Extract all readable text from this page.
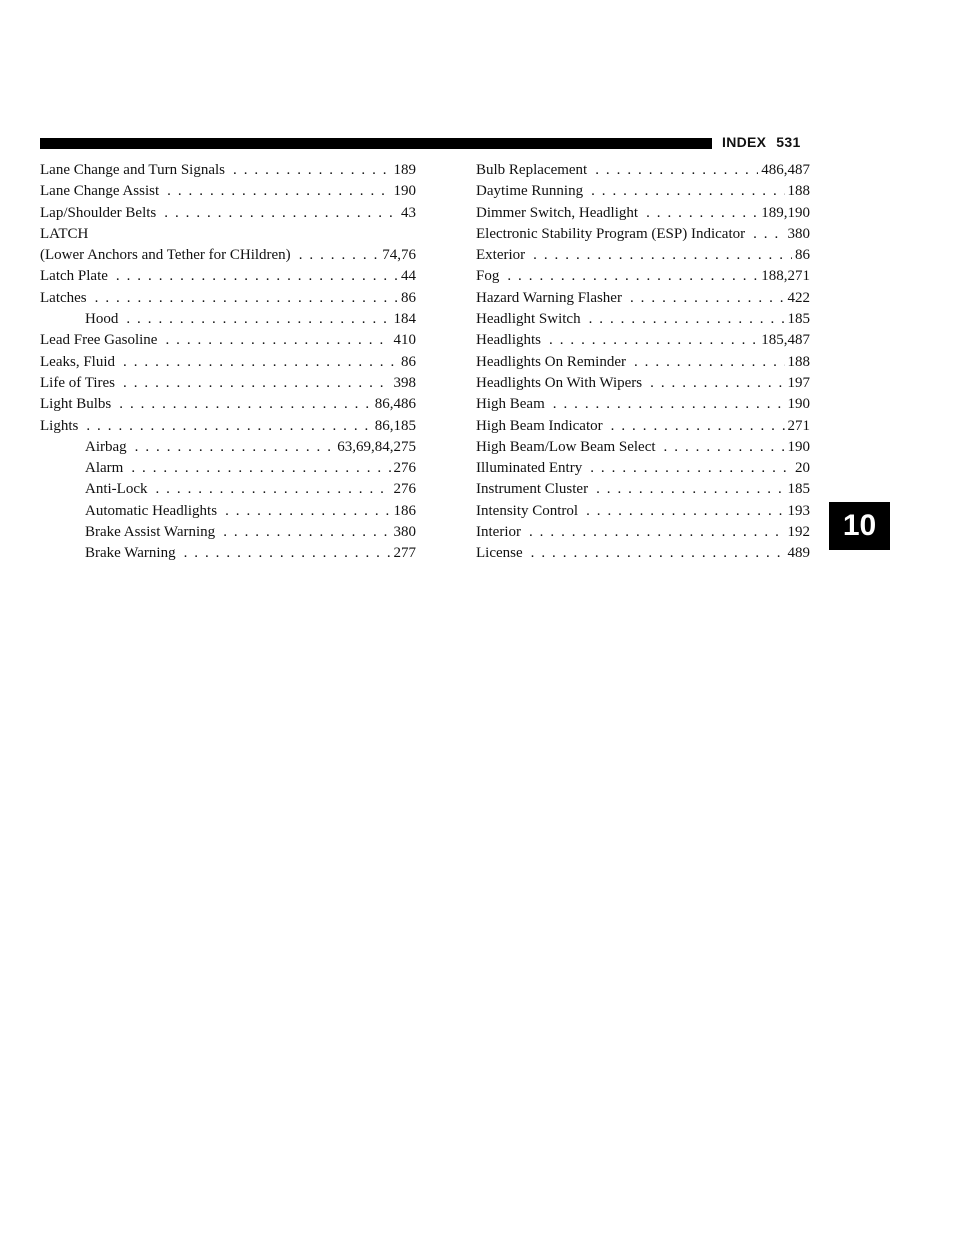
INDEX 531
Lane Change and Turn Signals . . .	189
Lane Change Assist . . .	190
Lap/Shoulder Belts . . .	43
LATCH
(Lower Anchors and Tether for CHildren) . . .	74,76
Latch Plate . . .	44
Latches . . .	86
Hood . . .	184
Lead Free Gasoline . . .	410
Leaks, Fluid . . .	86
Life of Tires . . .	398
Light Bulbs . . .	86,486
Lights . . .	86,185
Airbag . . .	63,69,84,275
Alarm . . .	276
Anti-Lock . . .	276
Automatic Headlights . . .	186
Brake Assist Warning . . .	380
Brake Warning . . .	277
Bulb Replacement . . .	486,487
Daytime Running . . .	188
Dimmer Switch, Headlight . . .	189,190
Electronic Stability Program (ESP) Indicator . . .	380
Exterior . . .	86
Fog . . .	188,271
Hazard Warning Flasher . . .	422
Headlight Switch . . .	185
Headlights . . .	185,487
Headlights On Reminder . . .	188
Headlights On With Wipers . . .	197
High Beam . . .	190
High Beam Indicator . . .	271
High Beam/Low Beam Select . . .	190
Illuminated Entry . . .	20
Instrument Cluster . . .	185
Intensity Control . . .	193
Interior . . .	192
License . . .	489
10
